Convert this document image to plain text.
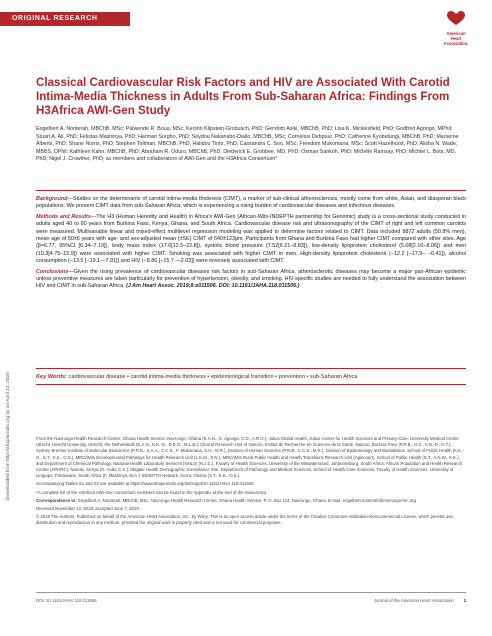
ORIGINAL RESEARCH
American
Heart
Association.
Classical Cardiovascular Risk Factors and HIV are Associated With Carotid Intima-Media Thickness in Adults From Sub-Saharan Africa: Findings From H3Africa AWI-Gen Study
Engelbert A. Nonterah, MBChB, MSc; Palwende R. Boua, MSc; Kerstin Klipstein-Grobusch, PhD; Gershim Asiki, MBChB, PhD; Lisa K. Micklesfield, PhD; Godfred Agongo, MPhil; Stuart A. Ali, PhD; Felistas Mashinya, PhD; Herman Sorgho, PhD; Seydou Nakanabo-Diallo, MBChB, MSc; Cornelius Debpuur, PhD; Catherine Kyobutungi, MBChB, PhD; Marianne Alberts, PhD; Shane Norris, PhD; Stephen Tollman, MBChB, PhD; Halidou Tinto, PhD; Cassandra C. Soo, MSc; Freedom Mukomana, MSc; Scott Hazelhurst, PhD; Alisha N. Wade, MBBS, DPhil; Kathleen Kahn, MBChB, PhD; Abraham R. Oduro, MBChB, PhD; Diederick E. Grobbee, MD, PhD; Osman Sankoh, PhD; Michèle Ramsay, PhD; Michiel L. Bots, MD, PhD; Nigel J. Crowther, PhD; as members and collaborators of AWI-Gen and the H3Africa Consortium*

Background—Studies on the determinants of carotid intima-media thickness (CIMT), a marker of sub-clinical atherosclerosis, mostly come from white, Asian, and diasporan black populations. We present CIMT data from sub-Saharan Africa, which is experiencing a rising burden of cardiovascular diseases and infectious diseases.

Methods and Results—The H3 (Human Heredity and Health) in Africa's AWI-Gen (African-Wits-INDEPTH partnership for Genomic) study is a cross-sectional study conducted in adults aged 40 to 60 years from Burkina Faso, Kenya, Ghana, and South Africa. Cardiovascular disease risk and ultrasonography of the CIMT of right and left common carotids were measured. Multivariable linear and mixed-effect multilevel regression modeling was applied to determine factors related to CIMT. Data included 8872 adults (50.8% men), mean age of 50±6 years with age- and sex-adjusted mean (±SE) CIMT of 640±123μm. Participants from Ghana and Burkina Faso had higher CIMT compared with other sites. Age (β=6.77, 95%CI [6.34–7.19]), body mass index (17.6[12.5–22.8]), systolic blood pressure (7.52[6.21–8.83]), low-density lipoprotein cholesterol (5.08[2.10–8.06]) and men (10.3[4.75–15.9]) were associated with higher CIMT. Smoking was associated with higher CIMT in men. High-density lipoprotein cholesterol (−12.2 [−17.9– −6.41]), alcohol consumption (−13.5 [−19.1—7.91]) and HIV (−8.86 [−15.7 —2.03]) were inversely associated with CIMT.

Conclusions—Given the rising prevalence of cardiovascular diseases risk factors in sub-Saharan Africa, atherosclerotic diseases may become a major pan-African epidemic unless preventive measures are taken particularly for prevention of hypertension, obesity, and smoking. HIV-specific studies are needed to fully understand the association between HIV and CIMT in sub-Saharan Africa. (J Am Heart Assoc. 2019;8:e011506. DOI: 10.1161/JAHA.118.011506.)

Key Words: cardiovascular disease • carotid intima-media thickness • epidemiological transition • prevention • sub-Saharan Africa
Downloaded from http://ahajournals.org by on April 23, 2020	From the Navrongo Health Research Centre, Ghana Health Service, Navrongo, Ghana (E.A.N., G. Agongo, C.D., A.R.O.); Julius Global Health, Julius Center for Health Sciences and Primary Care, University Medical Center Utrecht, Utrecht University, Utrecht, the Netherlands (E.A.N., K.K.-G., D.E.G., M.L.B.); Clinical Research Unit of Nanoro, Institut de Recherche en Sciences de la Santé, Nanoro, Burkina Faso (P.R.B., H.S., S.N.-D., H.T.); Sydney Brenner Institute of Molecular Bioscience (P.R.B., S.A.A., C.C.S., F. Mukomana, S.H., M.R.), Division of Human Genetics (P.R.B., C.C.S., M.R.), Division of Epidemiology and Biostatistics, School of Public Health (K.K.-G., S.T., K.K., O.S.), MRC/Wits Developmental Pathways for Health Research Unit (L.K.M., S.N.), MRC/Wits Rural Public Health and Health Transitions Research Unit (Agincourt), School of Public Health (S.T., A.N.W., K.K.), and Department of Chemical Pathology, National Health Laboratory Services (NHLS) (N.J.C.), Faculty of Health Sciences, University of the Witwatersrand, Johannesburg, South Africa; African Population and Health Research Center (APHRC), Nairobi, Kenya (G. Asiki, C.K.); Dikgale Health Demographic Surveillance Site, Department of Pathology and Medical Sciences, School of Health Care Sciences, Faculty of Health Sciences, University of Limpopo, Polokwane, South Africa (F. Mashinya, M.A.); INDEPTH Network, Accra, Ghana (S.T., K.K., O.S.).

Accompanying Tables S1 and S2 are available at https://www.ahajournals.org/doi/suppl/10.1161/JAHA.118.011506

*A complete list of the H3Africa AWI-Gen consortium members can be found in the Appendix at the end of the manuscript.

Correspondence to: Engelbert A. Nonterah, MBChB, MSc, Navrongo Health Research Centre, Ghana Health Service, P. O. Box 114, Navrongo, Ghana. E-mail: engelbert.nonterah@navrongo-hrc.org

Received November 13, 2018; accepted June 7, 2019.

© 2019 The Authors. Published on behalf of the American Heart Association, Inc., by Wiley. This is an open access article under the terms of the Creative Commons Attribution-NonCommercial License, which permits use, distribution and reproduction in any medium, provided the original work is properly cited and is not used for commercial purposes.

DOI: 10.1161/JAHA.118.011506	Journal of the American Heart Association 1
